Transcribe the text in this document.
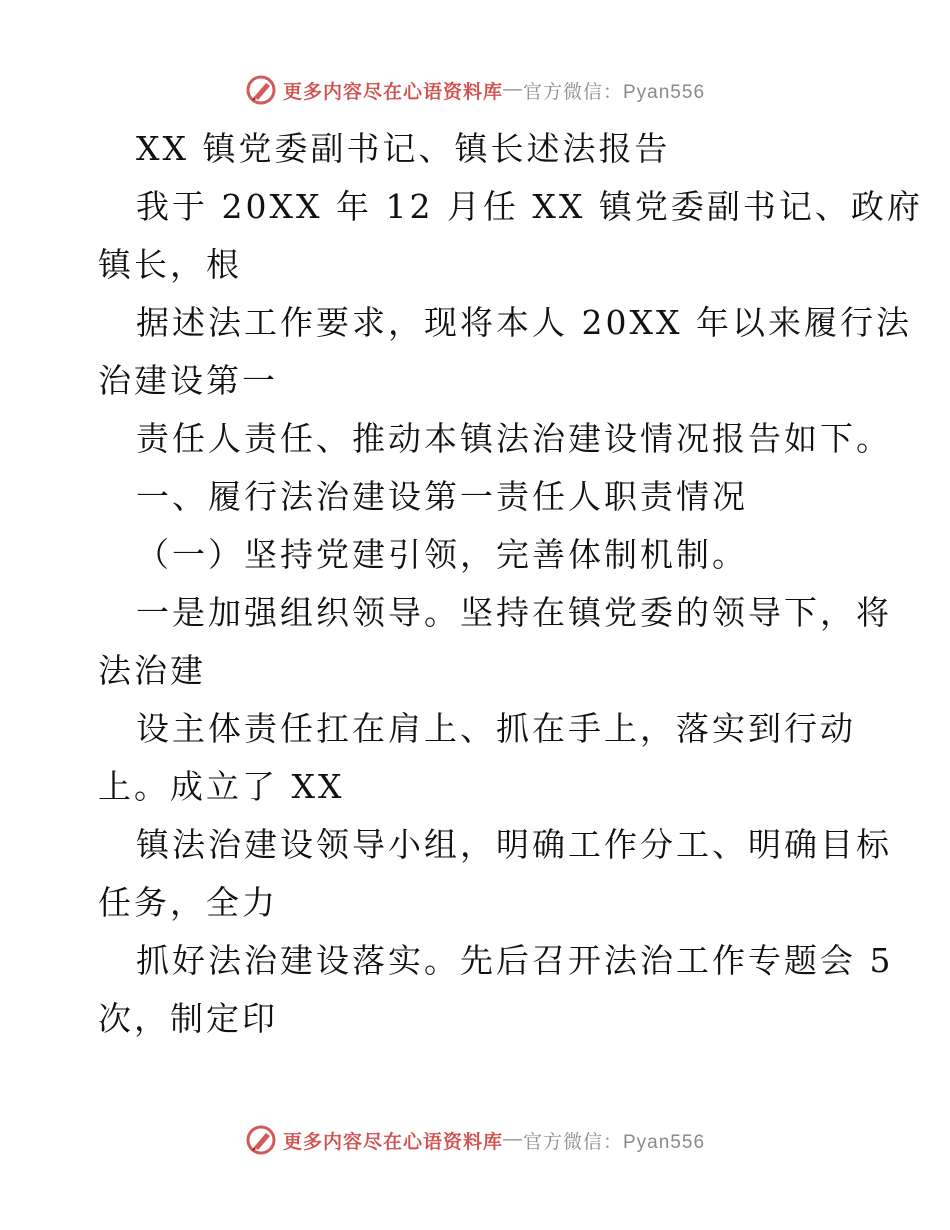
更多内容尽在心语资料库 — 官方微信：Pyan556
XX 镇党委副书记、镇长述法报告
我于 20XX 年 12 月任 XX 镇党委副书记、政府
镇长，根
据述法工作要求，现将本人 20XX 年以来履行法
治建设第一
责任人责任、推动本镇法治建设情况报告如下。
一、履行法治建设第一责任人职责情况
（一）坚持党建引领，完善体制机制。
一是加强组织领导。坚持在镇党委的领导下，将
法治建
设主体责任扛在肩上、抓在手上，落实到行动
上。成立了 XX
镇法治建设领导小组，明确工作分工、明确目标
任务，全力
抓好法治建设落实。先后召开法治工作专题会 5
次，制定印
更多内容尽在心语资料库 — 官方微信：Pyan556
